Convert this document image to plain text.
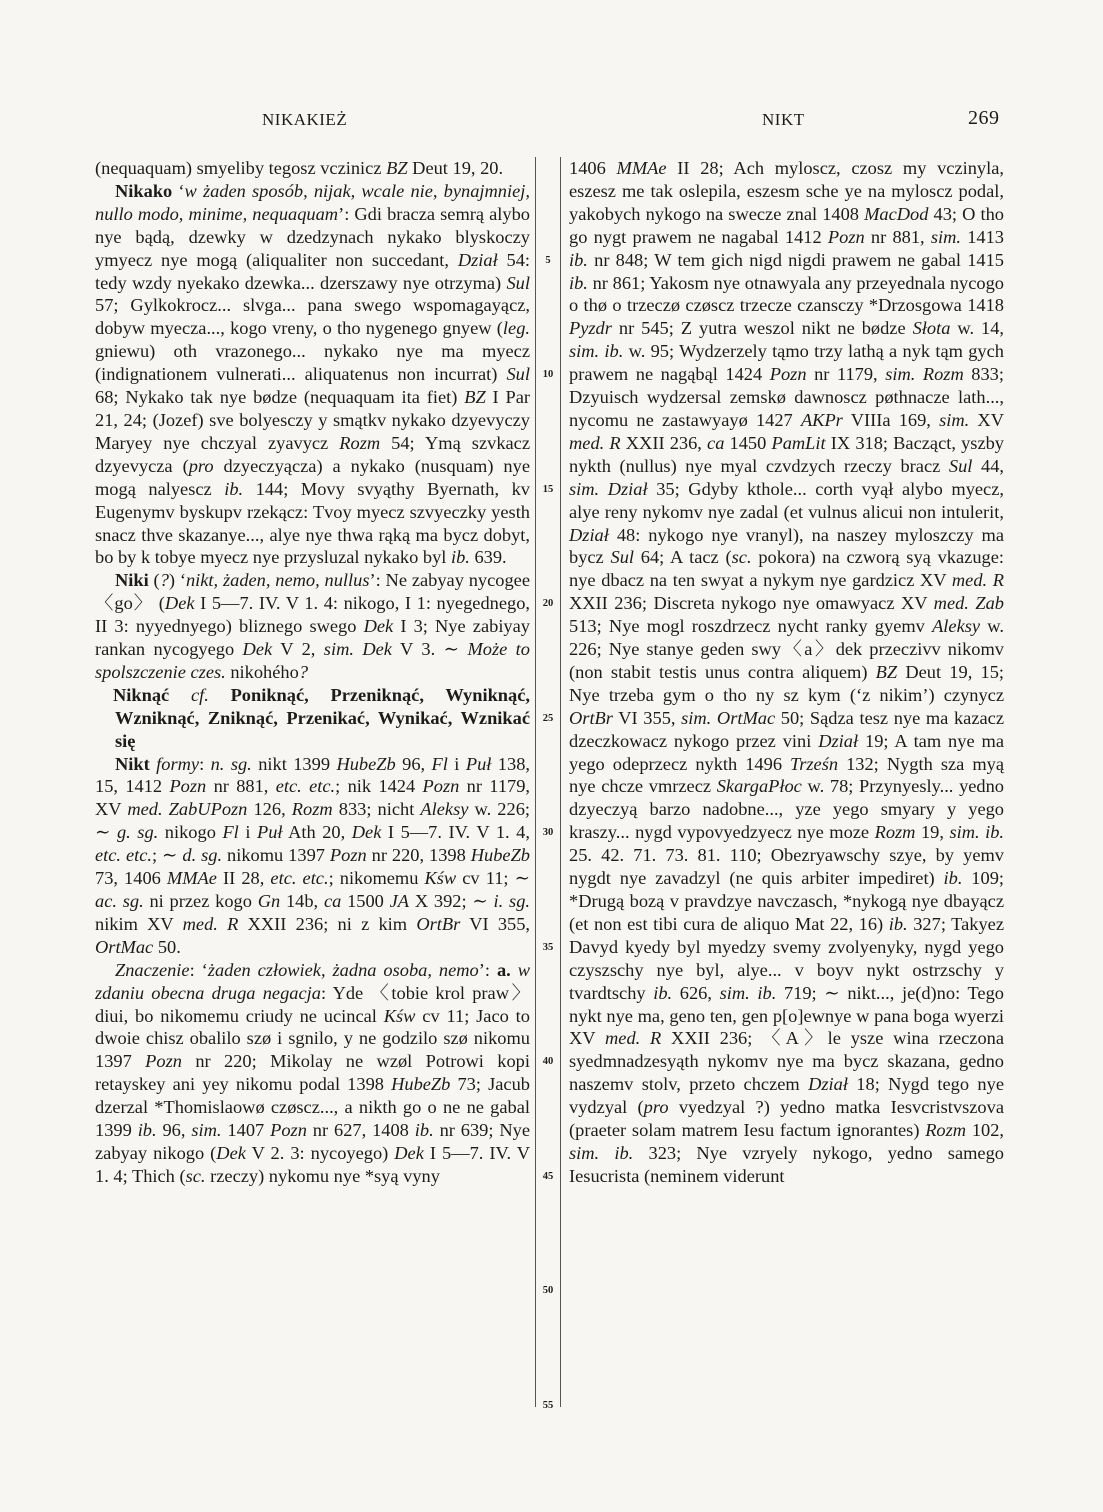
NIKAKIEŻ	NIKT	269

(nequaquam) smyeliby tegosz vczinicz BZ Deut 19, 20.

Nikako ‘w żaden sposób, nijak, wcale nie, bynajmniej, nullo modo, minime, nequaquam’: Gdi bracza semrą alybo nye bądą, dzewky w dzedzynach nykako blyskoczy ymyecz nye mogą (aliqualiter non succedant, Dział 54: tedy wzdy nyekako dzewka... dzerszawy nye otrzyma) Sul 57; Gylkokrocz... slvga... pana swego wspomagayącz, dobyw myecza..., kogo vreny, o tho nygenego gnyew (leg. gniewu) oth vrazonego... nykako nye ma myecz (indignationem vulnerati... aliquatenus non incurrat) Sul 68; Nykako tak nye bødze (nequaquam ita fiet) BZ I Par 21, 24; (Jozef) sve bolyesczy y smątkv nykako dzyevyczy Maryey nye chczyal zyavycz Rozm 54; Ymą szvkacz dzyevycza (pro dzyeczyącza) a nykako (nusquam) nye mogą nalyescz ib. 144; Movy svyąthy Byernath, kv Eugenymv byskupv rzekącz: Tvoy myecz szvyeczky yesth snacz thve skazanye..., alye nye thwa rąką ma bycz dobyt, bo by k tobye myecz nye przysluzal nykako byl ib. 639.

Niki (?) ‘nikt, żaden, nemo, nullus’: Ne zabyay nycogee〈go〉 (Dek I 5—7. IV. V 1. 4: nikogo, I 1: nyegednego, II 3: nyyednyego) bliznego swego Dek I 3; Nye zabiyay rankan nycogyego Dek V 2, sim. Dek V 3. ∼ Może to spolszczenie czes. nikohého?

Niknąć cf. Poniknąć, Przeniknąć, Wyniknąć, Wzniknąć, Zniknąć, Przenikać, Wynikać, Wznikać się

Nikt formy: n. sg. nikt 1399 HubeZb 96, Fl i Puł 138, 15, 1412 Pozn nr 881, etc. etc.; nik 1424 Pozn nr 1179, XV med. ZabUPozn 126, Rozm 833; nicht Aleksy w. 226; ∼ g. sg. nikogo Fl i Puł Ath 20, Dek I 5—7. IV. V 1. 4, etc. etc.; ∼ d. sg. nikomu 1397 Pozn nr 220, 1398 HubeZb 73, 1406 MMAe II 28, etc. etc.; nikomemu Kśw cv 11; ∼ ac. sg. ni przez kogo Gn 14b, ca 1500 JA X 392; ∼ i. sg. nikim XV med. R XXII 236; ni z kim OrtBr VI 355, OrtMac 50.

Znaczenie: ‘żaden człowiek, żadna osoba, nemo’: a. w zdaniu obecna druga negacja: Yde 〈tobie krol praw〉diui, bo nikomemu criudy ne ucincal Kśw cv 11; Jaco to dwoie chisz obalilo szø i sgnilo, y ne godzilo szø nikomu 1397 Pozn nr 220; Mikolay ne wzøl Potrowi kopi retayskey ani yey nikomu podal 1398 HubeZb 73; Jacub dzerzal *Thomislaowø czøscz..., a nikth go o ne ne gabal 1399 ib. 96, sim. 1407 Pozn nr 627, 1408 ib. nr 639; Nye zabyay nikogo (Dek V 2. 3: nycoyego) Dek I 5—7. IV. V 1. 4; Thich (sc. rzeczy) nykomu nye *syą vyny

5
10
15
20
25
30
35
40
45
50
55

1406 MMAe II 28; Ach myloscz, czosz my vczinyla, eszesz me tak oslepila, eszesm sche ye na myloscz podal, yakobych nykogo na swecze znal 1408 MacDod 43; O tho go nygt prawem ne nagabal 1412 Pozn nr 881, sim. 1413 ib. nr 848; W tem gich nigd nigdi prawem ne gabal 1415 ib. nr 861; Yakosm nye otnawyala any przeyednala nycogo o thø o trzeczø czøscz trzecze czansczy *Drzosgowa 1418 Pyzdr nr 545; Z yutra weszol nikt ne bødze Słota w. 14, sim. ib. w. 95; Wydzerzely tąmo trzy lathą a nyk tąm gych prawem ne nagąbąl 1424 Pozn nr 1179, sim. Rozm 833; Dzyuisch wydzersal zemskø dawnoscz pøthnacze lath..., nycomu ne zastawyayø 1427 AKPr VIIIa 169, sim. XV med. R XXII 236, ca 1450 PamLit IX 318; Bacząct, yszby nykth (nullus) nye myal czvdzych rzeczy bracz Sul 44, sim. Dział 35; Gdyby kthole... corth vyął alybo myecz, alye reny nykomv nye zadal (et vulnus alicui non intulerit, Dział 48: nykogo nye vranyl), na naszey myloszczy ma bycz Sul 64; A tacz (sc. pokora) na czworą syą vkazuge: nye dbacz na ten swyat a nykym nye gardzicz XV med. R XXII 236; Discreta nykogo nye omawyacz XV med. Zab 513; Nye mogl roszdrzecz nycht ranky gyemv Aleksy w. 226; Nye stanye geden swy〈a〉dek przeczivv nikomv (non stabit testis unus contra aliquem) BZ Deut 19, 15; Nye trzeba gym o tho ny sz kym (‘z nikim’) czynycz OrtBr VI 355, sim. OrtMac 50; Sądza tesz nye ma kazacz dzeczkowacz nykogo przez vini Dział 19; A tam nye ma yego odeprzecz nykth 1496 Trześn 132; Nygth sza myą nye chcze vmrzecz SkargaPłoc w. 78; Przynyesly... yedno dzyeczyą barzo nadobne..., yze yego smyary y yego kraszy... nygd vypovyedzyecz nye moze Rozm 19, sim. ib. 25. 42. 71. 73. 81. 110; Obezryawschy szye, by yemv nygdt nye zavadzyl (ne quis arbiter impediret) ib. 109; *Drugą bozą v pravdzye navczasch, *nykogą nye dbayącz (et non est tibi cura de aliquo Mat 22, 16) ib. 327; Takyez Davyd kyedy byl myedzy svemy zvolyenyky, nygd yego czyszschy nye byl, alye... v boyv nykt ostrzschy y tvardtschy ib. 626, sim. ib. 719; ∼ nikt..., je(d)no: Tego nykt nye ma, geno ten, gen p[o]ewnye w pana boga wyerzi XV med. R XXII 236; 〈A〉le ysze wina rzeczona syedmnadzesyąth nykomv nye ma bycz skazana, gedno naszemv stolv, przeto chczem Dział 18; Nygd tego nye vydzyal (pro vyedzyal ?) yedno matka Iesvcristvszova (praeter solam matrem Iesu factum ignorantes) Rozm 102, sim. ib. 323; Nye vzryely nykogo, yedno samego Iesucrista (neminem viderunt
